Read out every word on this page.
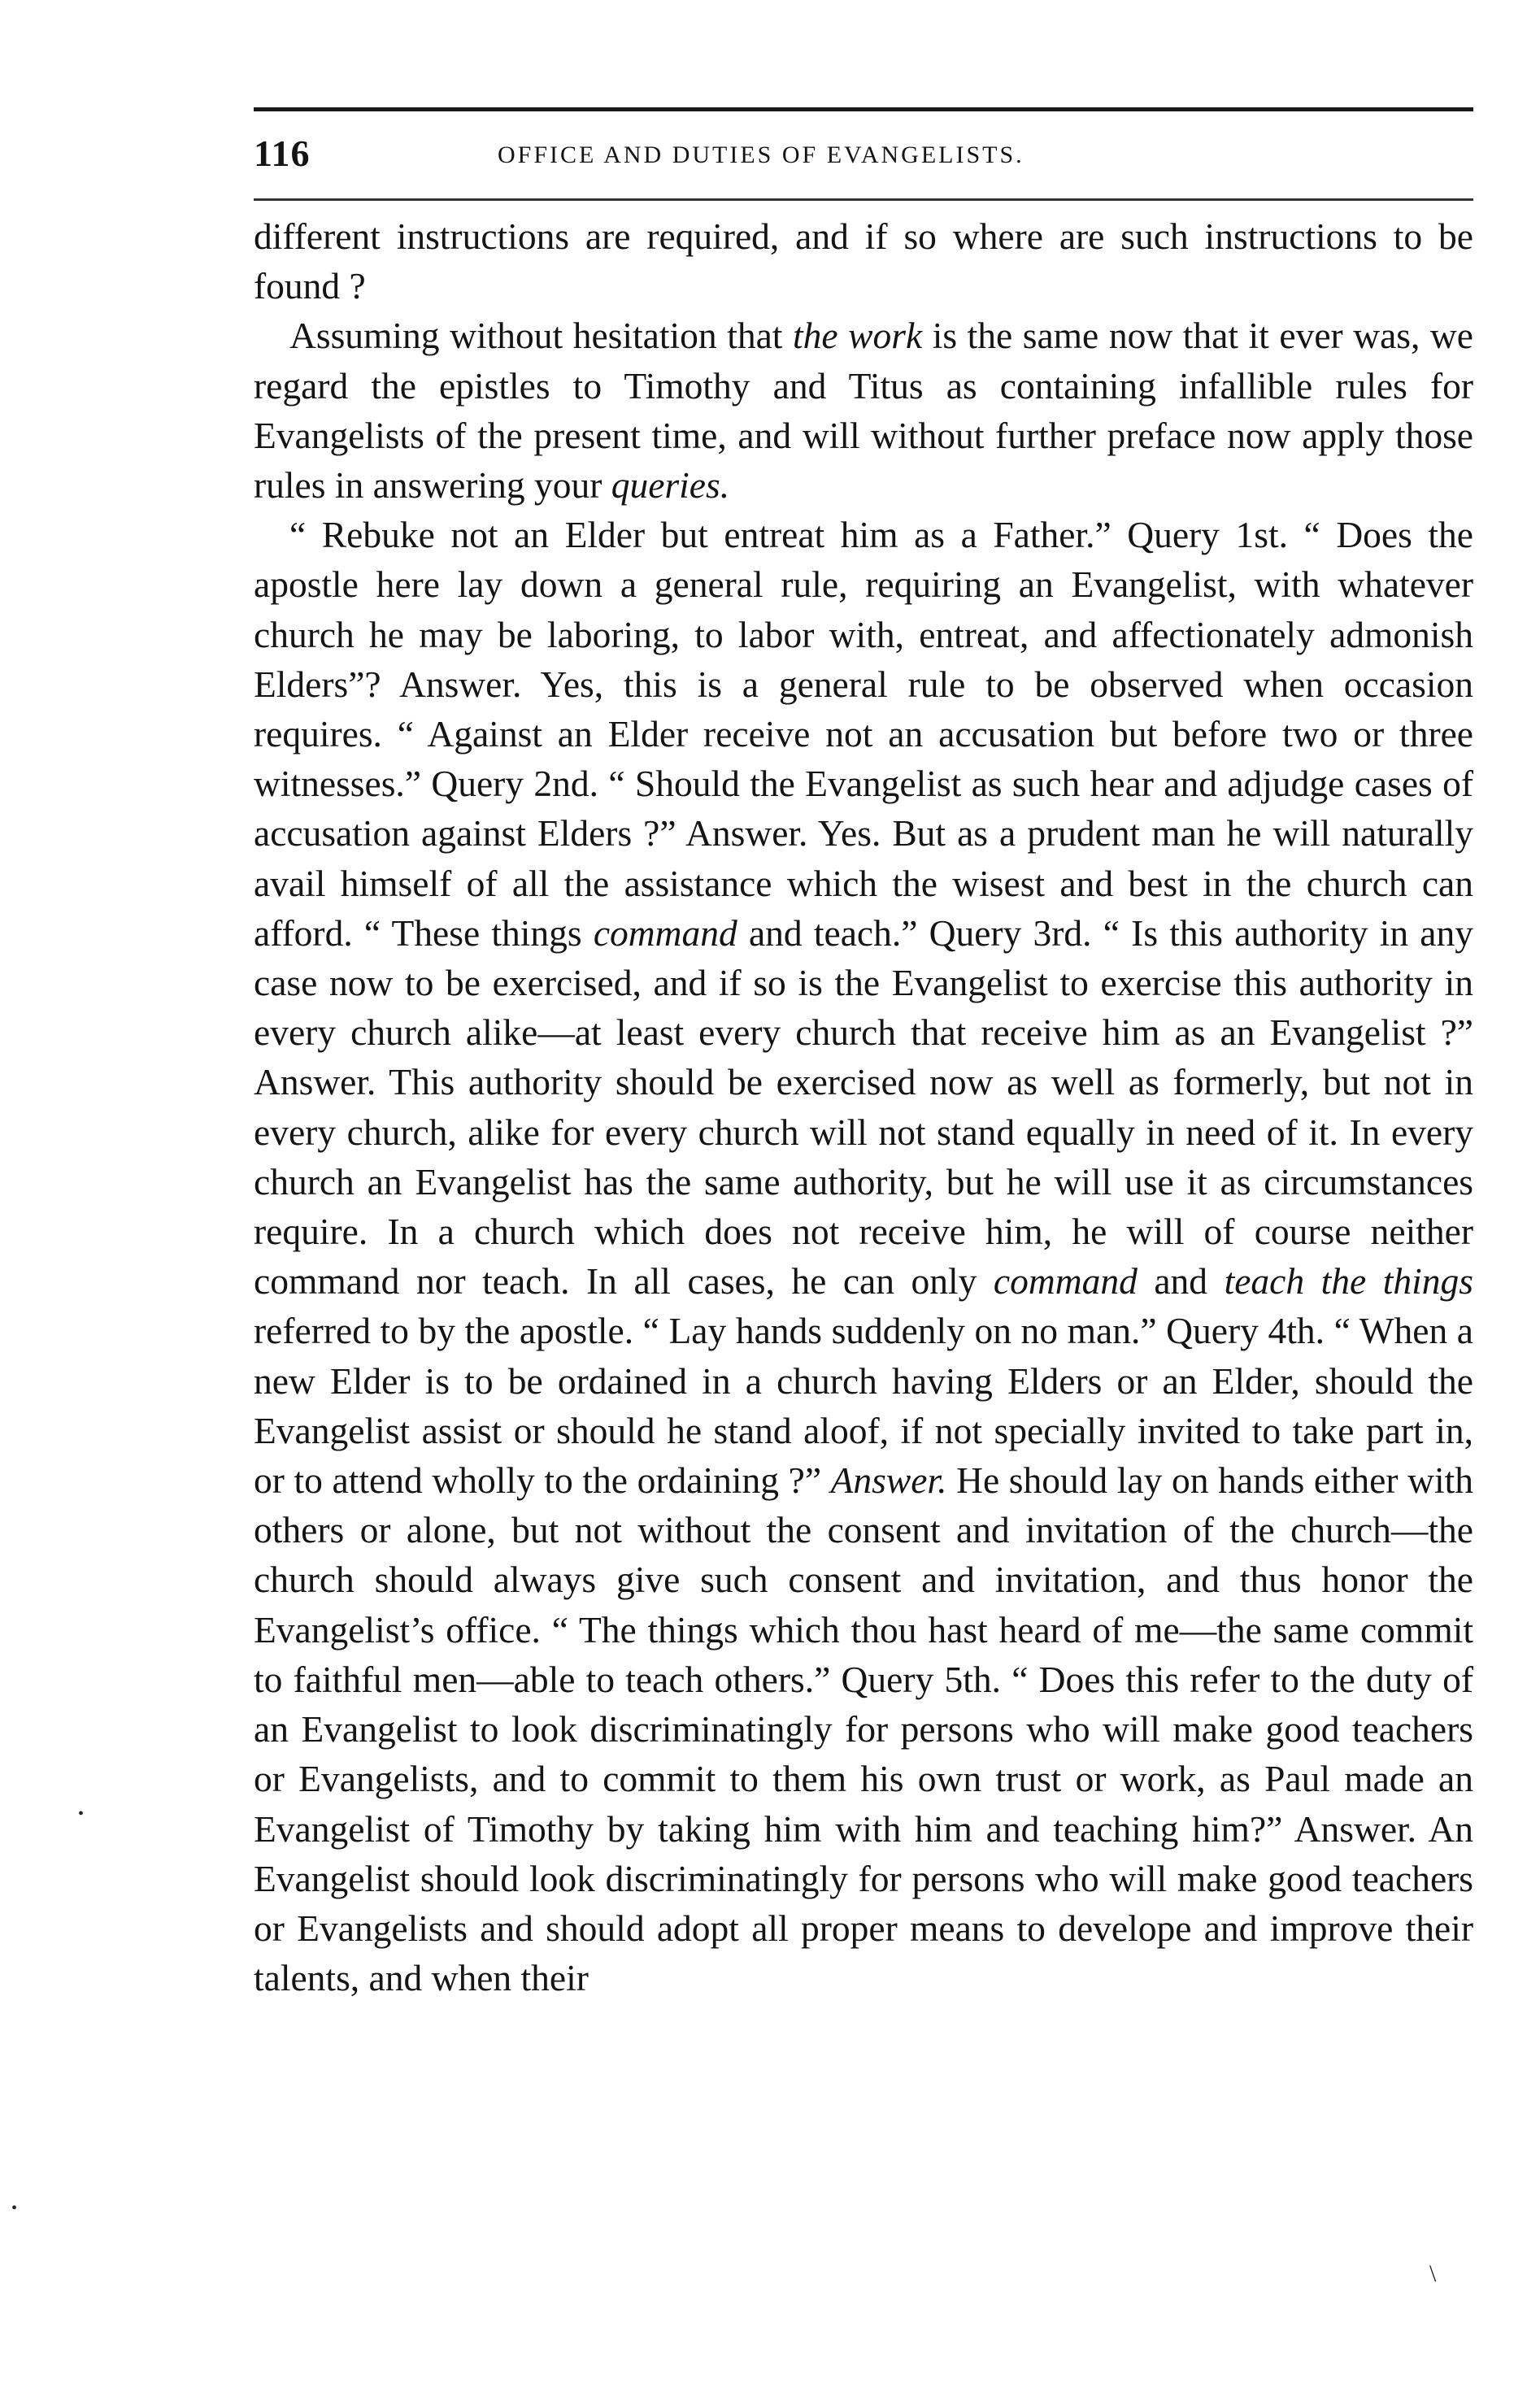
116	OFFICE AND DUTIES OF EVANGELISTS.

different instructions are required, and if so where are such instructions to be found ?

Assuming without hesitation that the work is the same now that it ever was, we regard the epistles to Timothy and Titus as containing infallible rules for Evangelists of the present time, and will without further preface now apply those rules in answering your queries.

“ Rebuke not an Elder but entreat him as a Father.” Query 1st. “ Does the apostle here lay down a general rule, requiring an Evangelist, with whatever church he may be laboring, to labor with, entreat, and affectionately admonish Elders”? Answer. Yes, this is a general rule to be observed when occasion requires. “ Against an Elder receive not an accusation but before two or three witnesses.” Query 2nd. “ Should the Evangelist as such hear and adjudge cases of accusation against Elders ?” Answer. Yes. But as a prudent man he will naturally avail himself of all the assistance which the wisest and best in the church can afford. “ These things command and teach.” Query 3rd. “ Is this authority in any case now to be exercised, and if so is the Evangelist to exercise this authority in every church alike—at least every church that receive him as an Evangelist ?” Answer. This authority should be exercised now as well as formerly, but not in every church, alike for every church will not stand equally in need of it. In every church an Evangelist has the same authority, but he will use it as circumstances require. In a church which does not receive him, he will of course neither command nor teach. In all cases, he can only command and teach the things referred to by the apostle. “ Lay hands suddenly on no man.” Query 4th. “ When a new Elder is to be ordained in a church having Elders or an Elder, should the Evangelist assist or should he stand aloof, if not specially invited to take part in, or to attend wholly to the ordaining ?” Answer. He should lay on hands either with others or alone, but not without the consent and invitation of the church—the church should always give such consent and invitation, and thus honor the Evangelist’s office. “ The things which thou hast heard of me—the same commit to faithful men—able to teach others.” Query 5th. “ Does this refer to the duty of an Evangelist to look discriminatingly for persons who will make good teachers or Evangelists, and to commit to them his own trust or work, as Paul made an Evangelist of Timothy by taking him with him and teaching him?” Answer. An Evangelist should look discriminatingly for persons who will make good teachers or Evangelists and should adopt all proper means to develope and improve their talents, and when their

•
•
\
